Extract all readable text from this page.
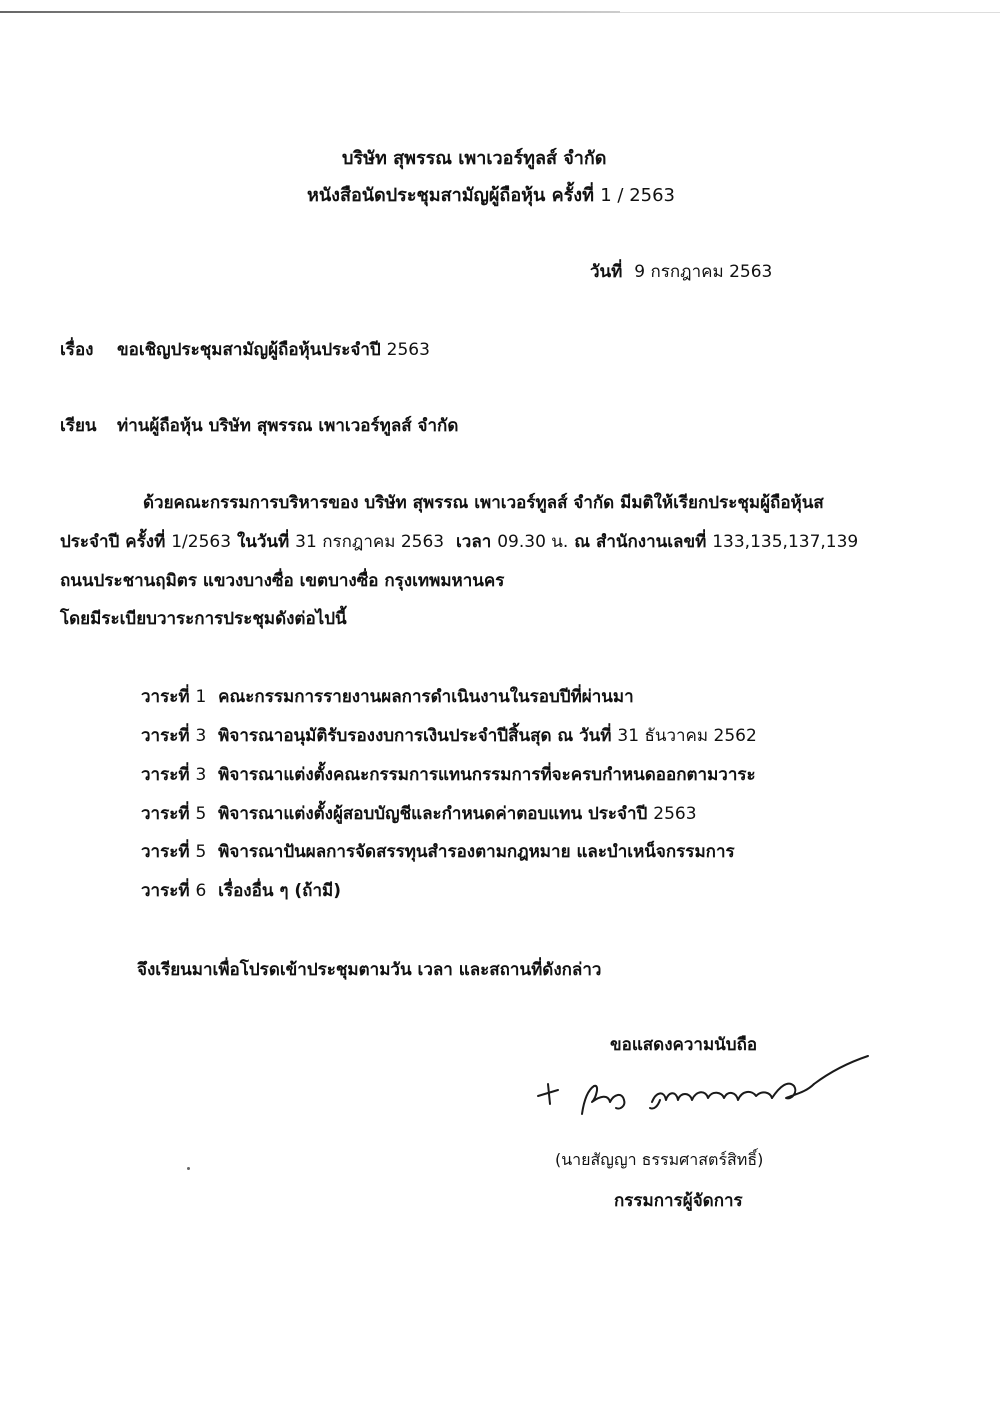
บริษัท สุพรรณ เพาเวอร์ทูลส์ จำกัด
หนังสือนัดประชุมสามัญผู้ถือหุ้น ครั้งที่ 1 / 2563
วันที่ 9 กรกฎาคม 2563
เรื่อง ขอเชิญประชุมสามัญผู้ถือหุ้นประจำปี 2563
เรียน ท่านผู้ถือหุ้น บริษัท สุพรรณ เพาเวอร์ทูลส์ จำกัด
ด้วยคณะกรรมการบริหารของ บริษัท สุพรรณ เพาเวอร์ทูลส์ จำกัด มีมติให้เรียกประชุมผู้ถือหุ้นส
ประจำปี ครั้งที่ 1/2563 ในวันที่ 31 กรกฎาคม 2563 เวลา 09.30 น. ณ สำนักงานเลขที่ 133,135,137,139
ถนนประชานฤมิตร แขวงบางซื่อ เขตบางซื่อ กรุงเทพมหานคร
โดยมีระเบียบวาระการประชุมดังต่อไปนี้
วาระที่ 1 คณะกรรมการรายงานผลการดำเนินงานในรอบปีที่ผ่านมา
วาระที่ 3 พิจารณาอนุมัติรับรองงบการเงินประจำปีสิ้นสุด ณ วันที่ 31 ธันวาคม 2562
วาระที่ 3 พิจารณาแต่งตั้งคณะกรรมการแทนกรรมการที่จะครบกำหนดออกตามวาระ
วาระที่ 5 พิจารณาแต่งตั้งผู้สอบบัญชีและกำหนดค่าตอบแทน ประจำปี 2563
วาระที่ 5 พิจารณาปันผลการจัดสรรทุนสำรองตามกฎหมาย และบำเหน็จกรรมการ
วาระที่ 6 เรื่องอื่น ๆ (ถ้ามี)
จึงเรียนมาเพื่อโปรดเข้าประชุมตามวัน เวลา และสถานที่ดังกล่าว
ขอแสดงความนับถือ
(นายสัญญา ธรรมศาสตร์สิทธิ์)
กรรมการผู้จัดการ
